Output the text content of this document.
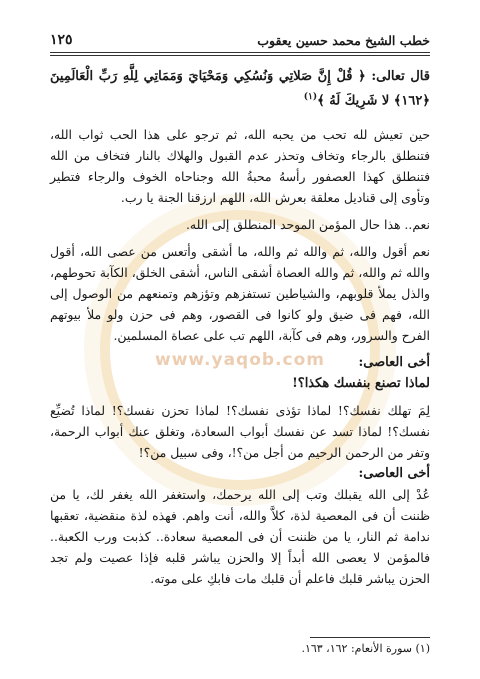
www.yaqob.com
خطب الشيخ محمد حسين يعقوب
١٢٥
قال تعالى: ﴿ قُلْ إِنَّ صَلاتِي وَنُسُكِي وَمَحْيَايَ وَمَمَاتِي لِلَّهِ رَبِّ الْعَالَمِينَ ﴿١٦٢﴾ لا شَرِيكَ لَهُ ﴾$^{(١)}$

حين تعيش لله تحب من يحبه الله، ثم ترجو على هذا الحب ثواب الله، فتنطلق بالرجاء وتخاف وتحذر عدم القبول والهلاك بالنار فتخاف من الله فتنطلق كهذا العصفور رأسهُ محبةُ الله وجناحاه الخوف والرجاء فتطير وتأوى إلى قناديل معلقة بعرش الله، اللهم ارزقنا الجنة يا رب.

نعم.. هذا حال المؤمن الموحد المنطلق إلى الله.

نعم أقول والله، ثم والله ثم والله، ما أشقى وأتعس من عصى الله، أقول والله ثم والله، ثم والله العصاة أشقى الناس، أشقى الخلق، الكآبة تحوطهم، والذل يملأ قلوبهم، والشياطين تستفزهم وتؤزهم وتمنعهم من الوصول إلى الله، فهم فى ضيق ولو كانوا فى القصور، وهم فى حزن ولو ملأ بيوتهم الفرح والسرور، وهم فى كآبة، اللهم تب على عصاة المسلمين.

أخى العاصى:

لماذا تصنع بنفسك هكذا؟!

لِمَ تهلك نفسك؟! لماذا تؤذى نفسك؟! لماذا تحزن نفسك؟! لماذا تُضيِّع نفسك؟! لماذا تسد عن نفسك أبواب السعادة، وتغلق عنك أبواب الرحمة، وتفر من الرحمن الرحيم من أجل من؟!، وفى سبيل من؟!

أخى العاصى:

عُدْ إلى الله يقبلك وتب إلى الله يرحمك، واستغفر الله يغفر لك، يا من ظننت أن فى المعصية لذة، كلاَّ والله، أنت واهم. فهذه لذة منقضية، تعقبها ندامة ثم النار، يا من ظننت أن فى المعصية سعادة.. كذبت ورب الكعبة.. فالمؤمن لا يعصى الله أبداً إلا والحزن يباشر قلبه فإذا عصيت ولم تجد الحزن يباشر قلبك فاعلم أن قلبك مات فابكِ على موته.

(١) سورة الأنعام: ١٦٢، ١٦٣.
